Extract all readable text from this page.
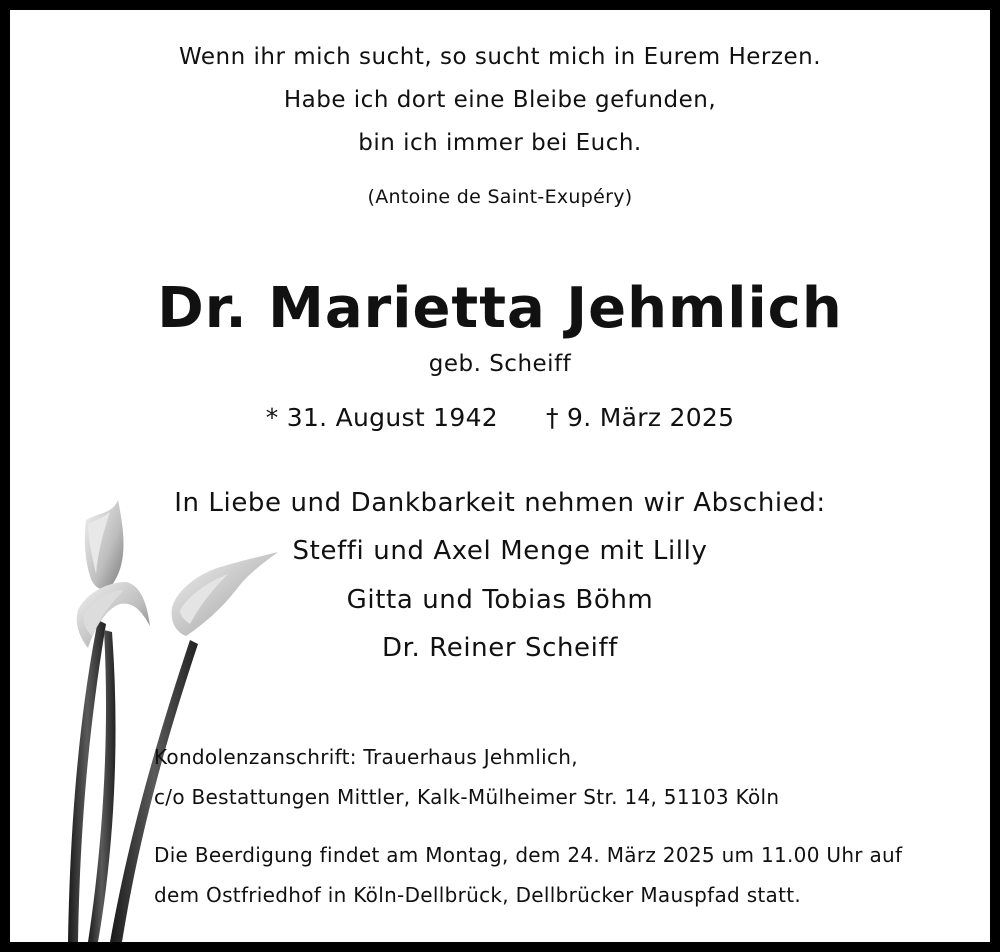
Wenn ihr mich sucht, so sucht mich in Eurem Herzen.
Habe ich dort eine Bleibe gefunden,
bin ich immer bei Euch.
(Antoine de Saint-Exupéry)
Dr. Marietta Jehmlich
geb. Scheiff
* 31. August 1942 † 9. März 2025
In Liebe und Dankbarkeit nehmen wir Abschied:
Steffi und Axel Menge mit Lilly
Gitta und Tobias Böhm
Dr. Reiner Scheiff
Kondolenzanschrift: Trauerhaus Jehmlich,
c/o Bestattungen Mittler, Kalk-Mülheimer Str. 14, 51103 Köln
Die Beerdigung findet am Montag, dem 24. März 2025 um 11.00 Uhr auf
dem Ostfriedhof in Köln-Dellbrück, Dellbrücker Mauspfad statt.
